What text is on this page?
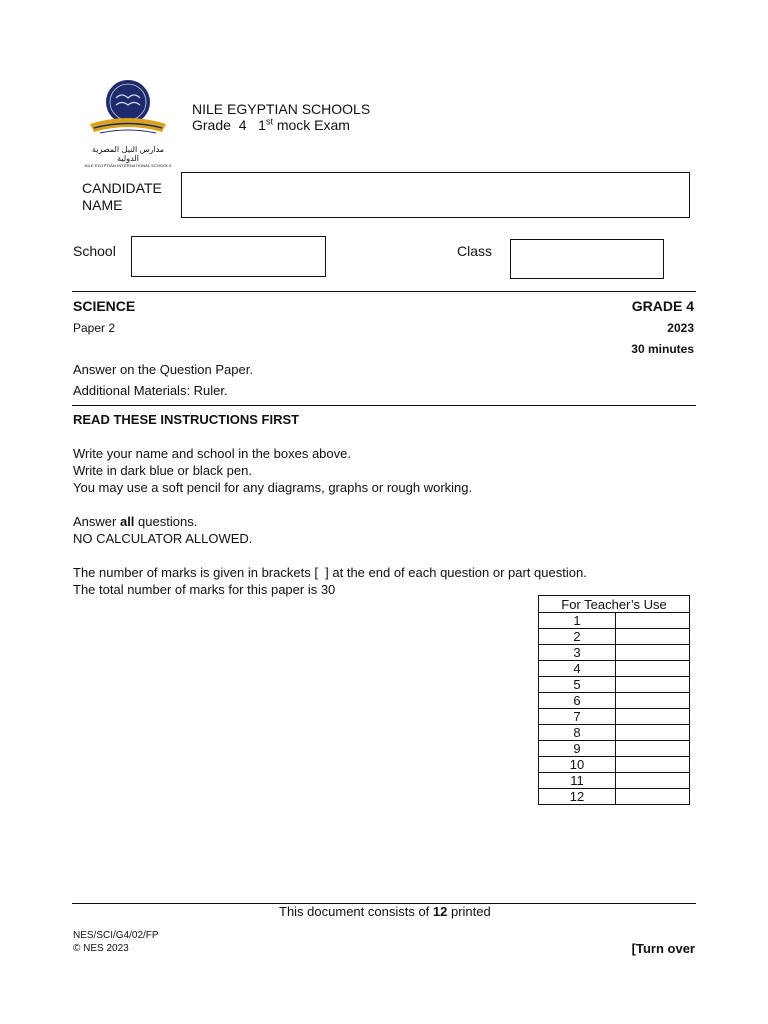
مدارس النيل المصرية الدولية
NILE EGYPTIAN INTERNATIONAL SCHOOLS
NILE EGYPTIAN SCHOOLS
Grade  4   1st mock Exam
CANDIDATE
NAME
School	Class
SCIENCE	GRADE 4
Paper 2	2023
30 minutes
Answer on the Question Paper.
Additional Materials: Ruler.
READ THESE INSTRUCTIONS FIRST
Write your name and school in the boxes above.
Write in dark blue or black pen.
You may use a soft pencil for any diagrams, graphs or rough working.
Answer all questions.
NO CALCULATOR ALLOWED.
The number of marks is given in brackets [  ] at the end of each question or part question.
The total number of marks for this paper is 30
For Teacher’s Use	
1	
2	
3	
4	
5	
6	
7	
8	
9	
10	
11	
12	
This document consists of 12 printed
NES/SCI/G4/02/FP
© NES 2023	[Turn over
